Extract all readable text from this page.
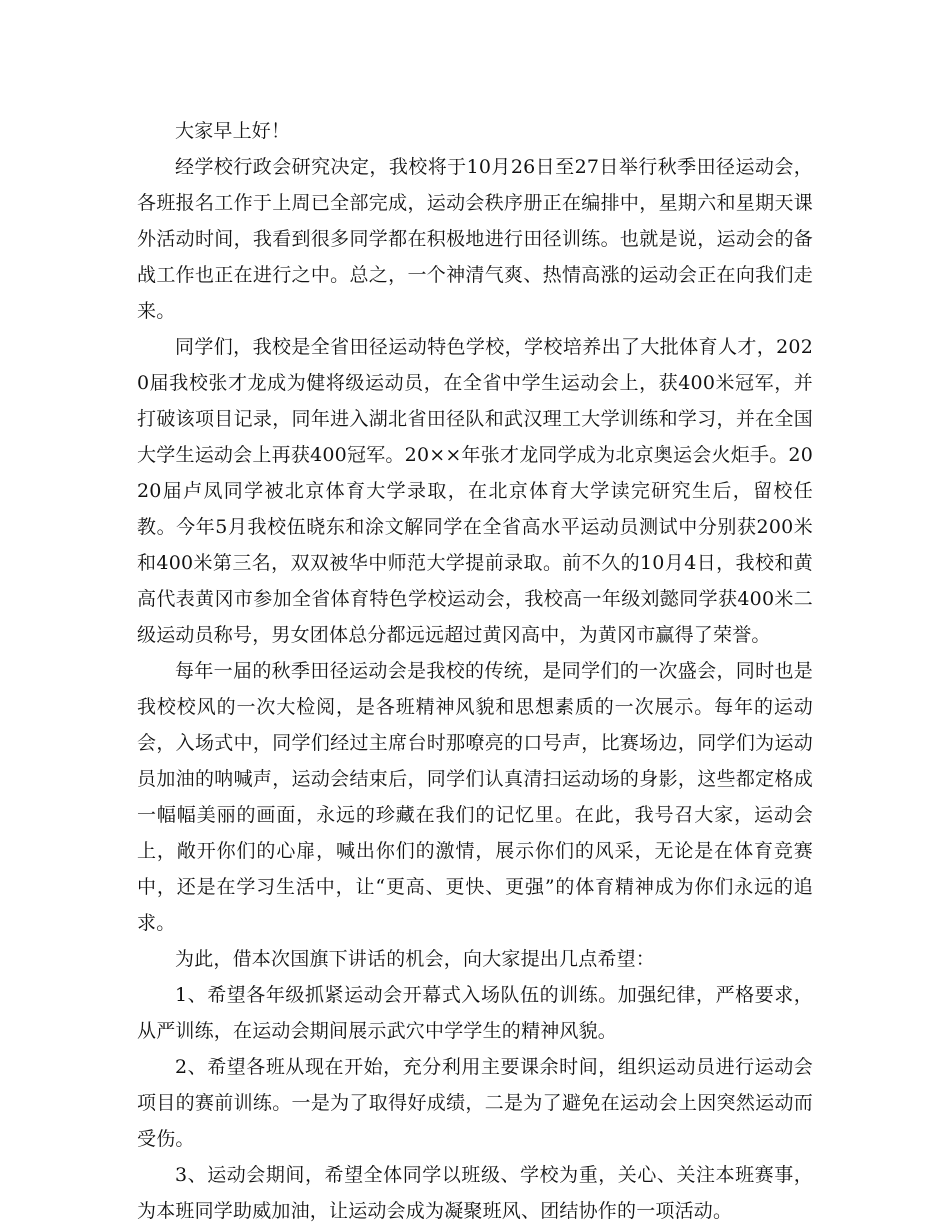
大家早上好！

经学校行政会研究决定，我校将于10月26日至27日举行秋季田径运动会，各班报名工作于上周已全部完成，运动会秩序册正在编排中，星期六和星期天课外活动时间，我看到很多同学都在积极地进行田径训练。也就是说，运动会的备战工作也正在进行之中。总之，一个神清气爽、热情高涨的运动会正在向我们走来。

同学们，我校是全省田径运动特色学校，学校培养出了大批体育人才，2020届我校张才龙成为健将级运动员，在全省中学生运动会上，获400米冠军，并打破该项目记录，同年进入湖北省田径队和武汉理工大学训练和学习，并在全国大学生运动会上再获400冠军。20××年张才龙同学成为北京奥运会火炬手。2020届卢凤同学被北京体育大学录取，在北京体育大学读完研究生后，留校任教。今年5月我校伍晓东和涂文解同学在全省高水平运动员测试中分别获200米和400米第三名，双双被华中师范大学提前录取。前不久的10月4日，我校和黄高代表黄冈市参加全省体育特色学校运动会，我校高一年级刘懿同学获400米二级运动员称号，男女团体总分都远远超过黄冈高中，为黄冈市赢得了荣誉。

每年一届的秋季田径运动会是我校的传统，是同学们的一次盛会，同时也是我校校风的一次大检阅，是各班精神风貌和思想素质的一次展示。每年的运动会，入场式中，同学们经过主席台时那嘹亮的口号声，比赛场边，同学们为运动员加油的呐喊声，运动会结束后，同学们认真清扫运动场的身影，这些都定格成一幅幅美丽的画面，永远的珍藏在我们的记忆里。在此，我号召大家，运动会上，敞开你们的心扉，喊出你们的激情，展示你们的风采，无论是在体育竞赛中，还是在学习生活中，让“更高、更快、更强”的体育精神成为你们永远的追求。

为此，借本次国旗下讲话的机会，向大家提出几点希望：

1、希望各年级抓紧运动会开幕式入场队伍的训练。加强纪律，严格要求，从严训练，在运动会期间展示武穴中学学生的精神风貌。

2、希望各班从现在开始，充分利用主要课余时间，组织运动员进行运动会项目的赛前训练。一是为了取得好成绩，二是为了避免在运动会上因突然运动而受伤。

3、运动会期间，希望全体同学以班级、学校为重，关心、关注本班赛事，为本班同学助威加油，让运动会成为凝聚班风、团结协作的一项活动。
